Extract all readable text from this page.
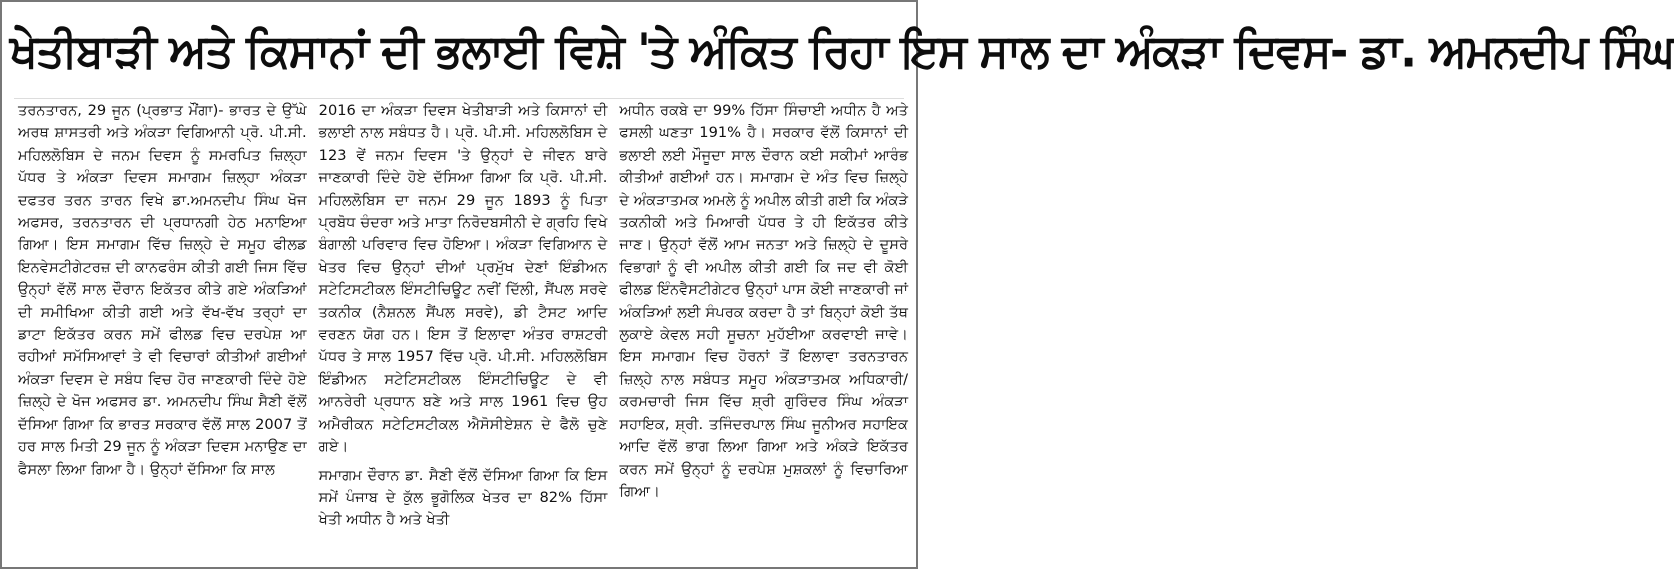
ਖੇਤੀਬਾੜੀ ਅਤੇ ਕਿਸਾਨਾਂ ਦੀ ਭਲਾਈ ਵਿਸ਼ੇ 'ਤੇ ਅੰਕਿਤ ਰਿਹਾ ਇਸ ਸਾਲ ਦਾ ਅੰਕੜਾ ਦਿਵਸ- ਡਾ. ਅਮਨਦੀਪ ਸਿੰਘ

ਤਰਨਤਾਰਨ, 29 ਜੂਨ (ਪ੍ਰਭਾਤ ਮੌਂਗਾ)- ਭਾਰਤ ਦੇ ਉੱਘੇ ਅਰਥ ਸ਼ਾਸਤਰੀ ਅਤੇ ਅੰਕੜਾ ਵਿਗਿਆਨੀ ਪ੍ਰੋ. ਪੀ.ਸੀ. ਮਹਿਲਲੋਬਿਸ ਦੇ ਜਨਮ ਦਿਵਸ ਨੂੰ ਸਮਰਪਿਤ ਜ਼ਿਲ੍ਹਾ ਪੱਧਰ ਤੇ ਅੰਕੜਾ ਦਿਵਸ ਸਮਾਗਮ ਜ਼ਿਲ੍ਹਾ ਅੰਕੜਾ ਦਫਤਰ ਤਰਨ ਤਾਰਨ ਵਿਖੇ ਡਾ.ਅਮਨਦੀਪ ਸਿੰਘ ਖੋਜ ਅਫਸਰ, ਤਰਨਤਾਰਨ ਦੀ ਪ੍ਰਧਾਨਗੀ ਹੇਠ ਮਨਾਇਆ ਗਿਆ। ਇਸ ਸਮਾਗਮ ਵਿੱਚ ਜ਼ਿਲ੍ਹੇ ਦੇ ਸਮੂਹ ਫੀਲਡ ਇਨਵੇਸਟੀਗੇਟਰਜ਼ ਦੀ ਕਾਨਫਰੰਸ ਕੀਤੀ ਗਈ ਜਿਸ ਵਿੱਚ ਉਨ੍ਹਾਂ ਵੱਲੋਂ ਸਾਲ ਦੌਰਾਨ ਇਕੱਤਰ ਕੀਤੇ ਗਏ ਅੰਕੜਿਆਂ ਦੀ ਸਮੀਖਿਆ ਕੀਤੀ ਗਈ ਅਤੇ ਵੱਖ-ਵੱਖ ਤਰ੍ਹਾਂ ਦਾ ਡਾਟਾ ਇਕੱਤਰ ਕਰਨ ਸਮੇਂ ਫੀਲਡ ਵਿਚ ਦਰਪੇਸ਼ ਆ ਰਹੀਆਂ ਸਮੱਸਿਆਵਾਂ ਤੇ ਵੀ ਵਿਚਾਰਾਂ ਕੀਤੀਆਂ ਗਈਆਂ ਅੰਕੜਾ ਦਿਵਸ ਦੇ ਸਬੰਧ ਵਿਚ ਹੋਰ ਜਾਣਕਾਰੀ ਦਿੰਦੇ ਹੋਏ ਜ਼ਿਲ੍ਹੇ ਦੇ ਖੋਜ ਅਫਸਰ ਡਾ. ਅਮਨਦੀਪ ਸਿੰਘ ਸੈਣੀ ਵੱਲੋਂ ਦੱਸਿਆ ਗਿਆ ਕਿ ਭਾਰਤ ਸਰਕਾਰ ਵੱਲੋਂ ਸਾਲ 2007 ਤੋਂ ਹਰ ਸਾਲ ਮਿਤੀ 29 ਜੂਨ ਨੂੰ ਅੰਕੜਾ ਦਿਵਸ ਮਨਾਉਣ ਦਾ ਫੈਸਲਾ ਲਿਆ ਗਿਆ ਹੈ। ਉਨ੍ਹਾਂ ਦੱਸਿਆ ਕਿ ਸਾਲ

2016 ਦਾ ਅੰਕੜਾ ਦਿਵਸ ਖੇਤੀਬਾੜੀ ਅਤੇ ਕਿਸਾਨਾਂ ਦੀ ਭਲਾਈ ਨਾਲ ਸਬੰਧਤ ਹੈ। ਪ੍ਰੋ. ਪੀ.ਸੀ. ਮਹਿਲਲੋਬਿਸ ਦੇ 123 ਵੇਂ ਜਨਮ ਦਿਵਸ 'ਤੇ ਉਨ੍ਹਾਂ ਦੇ ਜੀਵਨ ਬਾਰੇ ਜਾਣਕਾਰੀ ਦਿੰਦੇ ਹੋਏ ਦੱਸਿਆ ਗਿਆ ਕਿ ਪ੍ਰੋ. ਪੀ.ਸੀ. ਮਹਿਲਲੋਬਿਸ ਦਾ ਜਨਮ 29 ਜੂਨ 1893 ਨੂੰ ਪਿਤਾ ਪ੍ਰਬੋਧ ਚੰਦਰਾ ਅਤੇ ਮਾਤਾ ਨਿਰੋਦਬਸੀਨੀ ਦੇ ਗ੍ਰਹਿ ਵਿਖੇ ਬੰਗਾਲੀ ਪਰਿਵਾਰ ਵਿਚ ਹੋਇਆ। ਅੰਕੜਾ ਵਿਗਿਆਨ ਦੇ ਖੇਤਰ ਵਿਚ ਉਨ੍ਹਾਂ ਦੀਆਂ ਪ੍ਰਮੁੱਖ ਦੇਣਾਂ ਇੰਡੀਅਨ ਸਟੇਟਿਸਟੀਕਲ ਇੰਸਟੀਚਿਊਟ ਨਵੀਂ ਦਿੱਲੀ, ਸੈਂਪਲ ਸਰਵੇ ਤਕਨੀਕ (ਨੈਸ਼ਨਲ ਸੈਂਪਲ ਸਰਵੇ), ਡੀ ਟੈਸਟ ਆਦਿ ਵਰਣਨ ਯੋਗ ਹਨ। ਇਸ ਤੋਂ ਇਲਾਵਾ ਅੰਤਰ ਰਾਸ਼ਟਰੀ ਪੱਧਰ ਤੇ ਸਾਲ 1957 ਵਿੱਚ ਪ੍ਰੋ. ਪੀ.ਸੀ. ਮਹਿਲਲੋਬਿਸ ਇੰਡੀਅਨ ਸਟੇਟਿਸਟੀਕਲ ਇੰਸਟੀਚਿਊਟ ਦੇ ਵੀ ਆਨਰੇਰੀ ਪ੍ਰਧਾਨ ਬਣੇ ਅਤੇ ਸਾਲ 1961 ਵਿਚ ਉਹ ਅਮੈਰੀਕਨ ਸਟੇਟਿਸਟੀਕਲ ਐਸੋਸੀਏਸ਼ਨ ਦੇ ਫੈਲੋ ਚੁਣੇ ਗਏ।

ਸਮਾਗਮ ਦੌਰਾਨ ਡਾ. ਸੈਣੀ ਵੱਲੋਂ ਦੱਸਿਆ ਗਿਆ ਕਿ ਇਸ ਸਮੇਂ ਪੰਜਾਬ ਦੇ ਕੁੱਲ ਭੂਗੋਲਿਕ ਖੇਤਰ ਦਾ 82% ਹਿੱਸਾ ਖੇਤੀ ਅਧੀਨ ਹੈ ਅਤੇ ਖੇਤੀ

ਅਧੀਨ ਰਕਬੇ ਦਾ 99% ਹਿੱਸਾ ਸਿੰਚਾਈ ਅਧੀਨ ਹੈ ਅਤੇ ਫਸਲੀ ਘਣਤਾ 191% ਹੈ। ਸਰਕਾਰ ਵੱਲੋਂ ਕਿਸਾਨਾਂ ਦੀ ਭਲਾਈ ਲਈ ਮੌਜੂਦਾ ਸਾਲ ਦੌਰਾਨ ਕਈ ਸਕੀਮਾਂ ਆਰੰਭ ਕੀਤੀਆਂ ਗਈਆਂ ਹਨ। ਸਮਾਗਮ ਦੇ ਅੰਤ ਵਿਚ ਜ਼ਿਲ੍ਹੇ ਦੇ ਅੰਕੜਾਤਮਕ ਅਮਲੇ ਨੂੰ ਅਪੀਲ ਕੀਤੀ ਗਈ ਕਿ ਅੰਕੜੇ ਤਕਨੀਕੀ ਅਤੇ ਮਿਆਰੀ ਪੱਧਰ ਤੇ ਹੀ ਇਕੱਤਰ ਕੀਤੇ ਜਾਣ। ਉਨ੍ਹਾਂ ਵੱਲੋਂ ਆਮ ਜਨਤਾ ਅਤੇ ਜ਼ਿਲ੍ਹੇ ਦੇ ਦੂਸਰੇ ਵਿਭਾਗਾਂ ਨੂੰ ਵੀ ਅਪੀਲ ਕੀਤੀ ਗਈ ਕਿ ਜਦ ਵੀ ਕੋਈ ਫੀਲਡ ਇੰਨਵੈਸਟੀਗੇਟਰ ਉਨ੍ਹਾਂ ਪਾਸ ਕੋਈ ਜਾਣਕਾਰੀ ਜਾਂ ਅੰਕੜਿਆਂ ਲਈ ਸੰਪਰਕ ਕਰਦਾ ਹੈ ਤਾਂ ਬਿਨ੍ਹਾਂ ਕੋਈ ਤੱਥ ਲੁਕਾਏ ਕੇਵਲ ਸਹੀ ਸੂਚਨਾ ਮੁਹੱਈਆ ਕਰਵਾਈ ਜਾਵੇ। ਇਸ ਸਮਾਗਮ ਵਿਚ ਹੋਰਨਾਂ ਤੋਂ ਇਲਾਵਾ ਤਰਨਤਾਰਨ ਜ਼ਿਲ੍ਹੇ ਨਾਲ ਸਬੰਧਤ ਸਮੂਹ ਅੰਕੜਾਤਮਕ ਅਧਿਕਾਰੀ/ਕਰਮਚਾਰੀ ਜਿਸ ਵਿੱਚ ਸ਼੍ਰੀ ਗੁਰਿੰਦਰ ਸਿੰਘ ਅੰਕੜਾ ਸਹਾਇਕ, ਸ਼੍ਰੀ. ਤਜਿੰਦਰਪਾਲ ਸਿੰਘ ਜੂਨੀਅਰ ਸਹਾਇਕ ਆਦਿ ਵੱਲੋਂ ਭਾਗ ਲਿਆ ਗਿਆ ਅਤੇ ਅੰਕੜੇ ਇਕੱਤਰ ਕਰਨ ਸਮੇਂ ਉਨ੍ਹਾਂ ਨੂੰ ਦਰਪੇਸ਼ ਮੁਸ਼ਕਲਾਂ ਨੂੰ ਵਿਚਾਰਿਆ ਗਿਆ।
